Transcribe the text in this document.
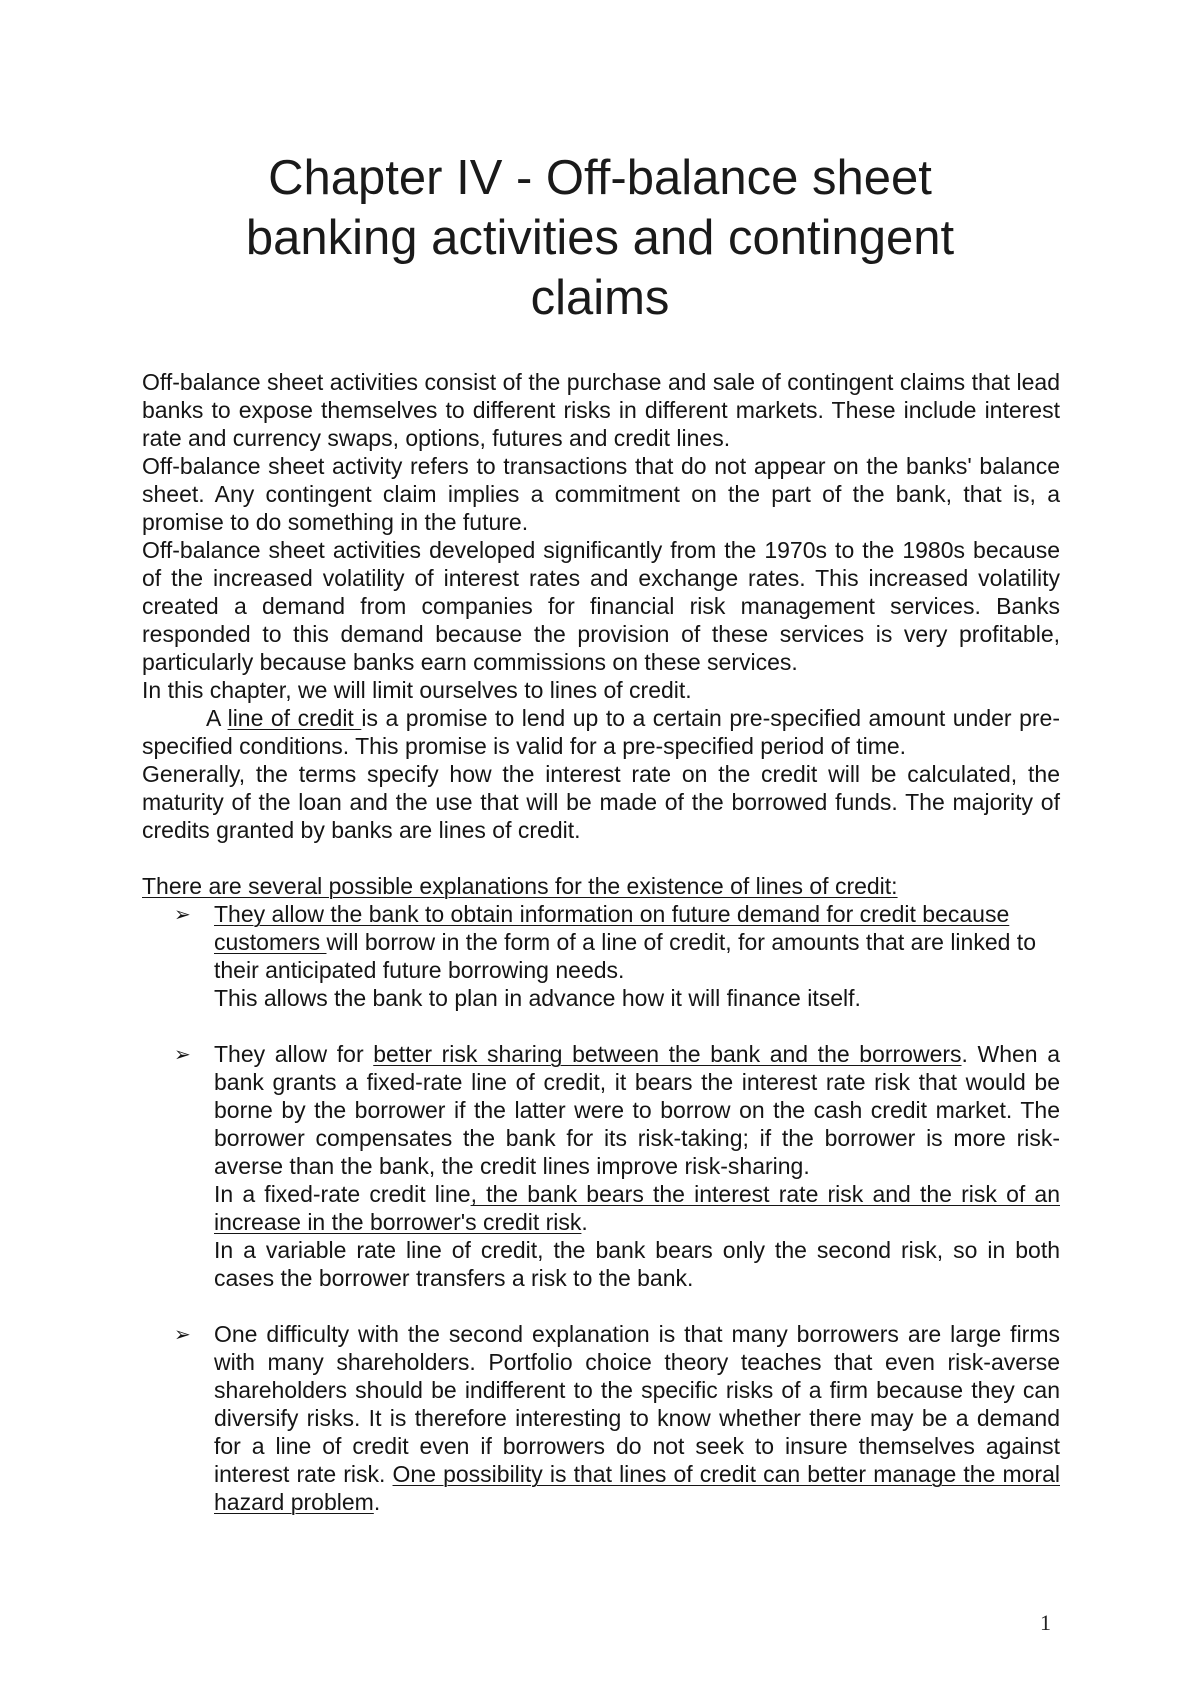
Chapter IV - Off-balance sheet
banking activities and contingent
claims

Off-balance sheet activities consist of the purchase and sale of contingent claims that lead banks to expose themselves to different risks in different markets. These include interest rate and currency swaps, options, futures and credit lines.

Off-balance sheet activity refers to transactions that do not appear on the banks' balance sheet. Any contingent claim implies a commitment on the part of the bank, that is, a promise to do something in the future.

Off-balance sheet activities developed significantly from the 1970s to the 1980s because of the increased volatility of interest rates and exchange rates. This increased volatility created a demand from companies for financial risk management services. Banks responded to this demand because the provision of these services is very profitable, particularly because banks earn commissions on these services.

In this chapter, we will limit ourselves to lines of credit.

A line of credit is a promise to lend up to a certain pre-specified amount under pre-specified conditions. This promise is valid for a pre-specified period of time.

Generally, the terms specify how the interest rate on the credit will be calculated, the maturity of the loan and the use that will be made of the borrowed funds. The majority of credits granted by banks are lines of credit.

There are several possible explanations for the existence of lines of credit:

➢	They allow the bank to obtain information on future demand for credit because customers will borrow in the form of a line of credit, for amounts that are linked to their anticipated future borrowing needs.

This allows the bank to plan in advance how it will finance itself.

➢	They allow for better risk sharing between the bank and the borrowers. When a bank grants a fixed-rate line of credit, it bears the interest rate risk that would be borne by the borrower if the latter were to borrow on the cash credit market. The borrower compensates the bank for its risk-taking; if the borrower is more risk-averse than the bank, the credit lines improve risk-sharing.

In a fixed-rate credit line, the bank bears the interest rate risk and the risk of an increase in the borrower's credit risk.

In a variable rate line of credit, the bank bears only the second risk, so in both cases the borrower transfers a risk to the bank.

➢	One difficulty with the second explanation is that many borrowers are large firms with many shareholders. Portfolio choice theory teaches that even risk-averse shareholders should be indifferent to the specific risks of a firm because they can diversify risks. It is therefore interesting to know whether there may be a demand for a line of credit even if borrowers do not seek to insure themselves against interest rate risk. One possibility is that lines of credit can better manage the moral hazard problem.

1
